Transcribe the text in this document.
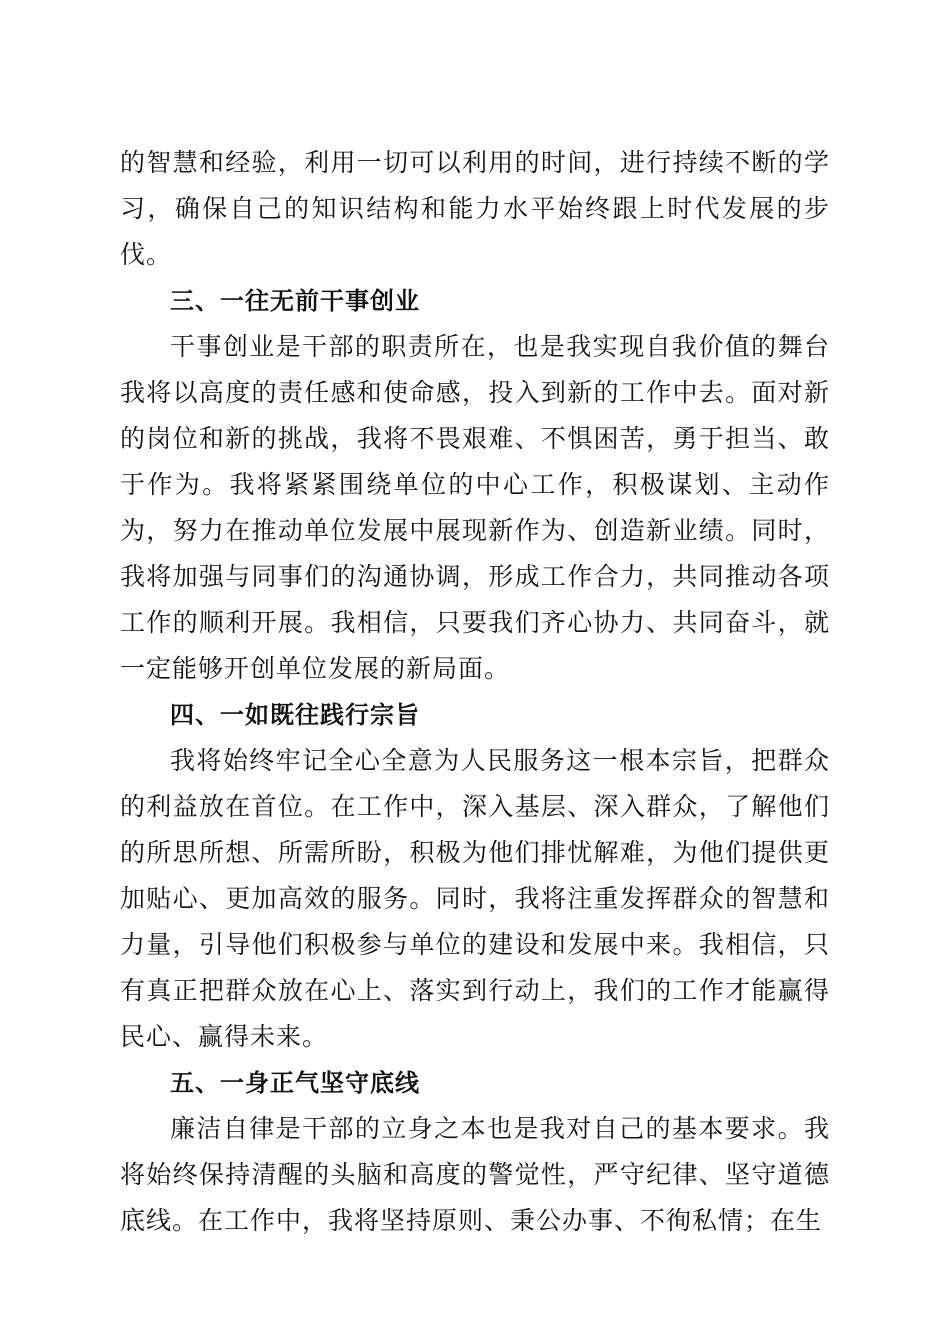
的智慧和经验，利用一切可以利用的时间，进行持续不断的学习，确保自己的知识结构和能力水平始终跟上时代发展的步伐。

三、一往无前干事创业

干事创业是干部的职责所在，也是我实现自我价值的舞台我将以高度的责任感和使命感，投入到新的工作中去。面对新的岗位和新的挑战，我将不畏艰难、不惧困苦，勇于担当、敢于作为。我将紧紧围绕单位的中心工作，积极谋划、主动作为，努力在推动单位发展中展现新作为、创造新业绩。同时，我将加强与同事们的沟通协调，形成工作合力，共同推动各项工作的顺利开展。我相信，只要我们齐心协力、共同奋斗，就一定能够开创单位发展的新局面。

四、一如既往践行宗旨

我将始终牢记全心全意为人民服务这一根本宗旨，把群众的利益放在首位。在工作中，深入基层、深入群众，了解他们的所思所想、所需所盼，积极为他们排忧解难，为他们提供更加贴心、更加高效的服务。同时，我将注重发挥群众的智慧和力量，引导他们积极参与单位的建设和发展中来。我相信，只有真正把群众放在心上、落实到行动上，我们的工作才能赢得民心、赢得未来。

五、一身正气坚守底线

廉洁自律是干部的立身之本也是我对自己的基本要求。我将始终保持清醒的头脑和高度的警觉性，严守纪律、坚守道德底线。在工作中，我将坚持原则、秉公办事、不徇私情；在生
